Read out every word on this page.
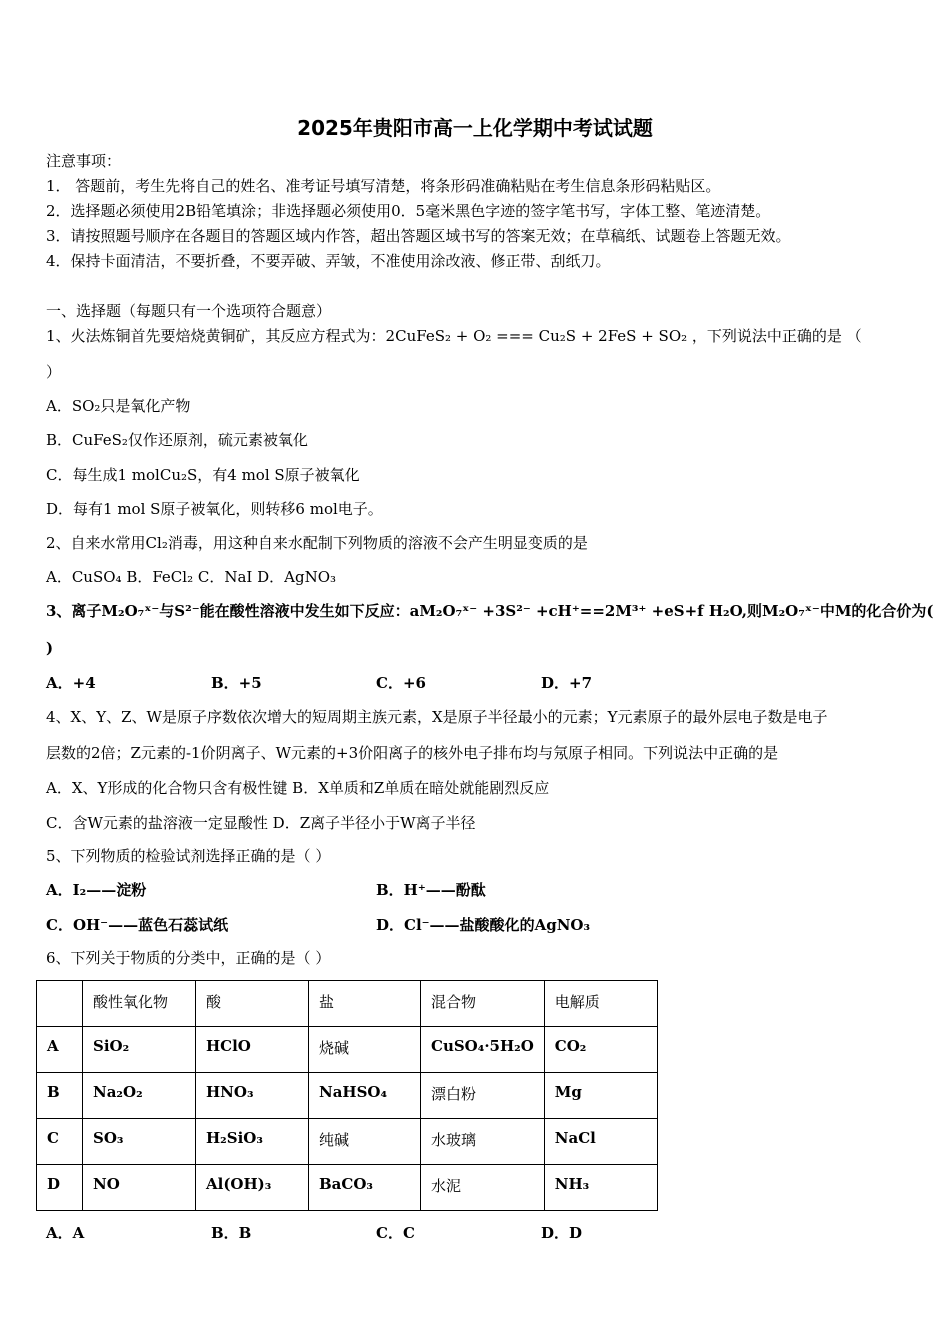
2025年贵阳市高一上化学期中考试试题
注意事项：
1． 答题前，考生先将自己的姓名、准考证号填写清楚，将条形码准确粘贴在考生信息条形码粘贴区。
2．选择题必须使用2B铅笔填涂；非选择题必须使用0．5毫米黑色字迹的签字笔书写，字体工整、笔迹清楚。
3．请按照题号顺序在各题目的答题区域内作答，超出答题区域书写的答案无效；在草稿纸、试题卷上答题无效。
4．保持卡面清洁，不要折叠，不要弄破、弄皱，不准使用涂改液、修正带、刮纸刀。
一、选择题（每题只有一个选项符合题意）
1、火法炼铜首先要焙烧黄铜矿，其反应方程式为：2CuFeS₂ + O₂ === Cu₂S + 2FeS + SO₂ ，下列说法中正确的是 （
）
A．SO₂只是氧化产物
B．CuFeS₂仅作还原剂，硫元素被氧化
C．每生成1 molCu₂S，有4 mol S原子被氧化
D．每有1 mol S原子被氧化，则转移6 mol电子。
2、自来水常用Cl₂消毒，用这种自来水配制下列物质的溶液不会产生明显变质的是
A．CuSO₄ B．FeCl₂ C．NaI D．AgNO₃
3、离子M₂O₇ˣ⁻与S²⁻能在酸性溶液中发生如下反应：aM₂O₇ˣ⁻ +3S²⁻ +cH⁺==2M³⁺ +eS+f H₂O,则M₂O₇ˣ⁻中M的化合价为(
)
A．+4	B．+5	C．+6	D．+7
4、X、Y、Z、W是原子序数依次增大的短周期主族元素，X是原子半径最小的元素；Y元素原子的最外层电子数是电子
层数的2倍；Z元素的-1价阴离子、W元素的+3价阳离子的核外电子排布均与氖原子相同。下列说法中正确的是
A．X、Y形成的化合物只含有极性键 B．X单质和Z单质在暗处就能剧烈反应
C．含W元素的盐溶液一定显酸性 D．Z离子半径小于W离子半径
5、下列物质的检验试剂选择正确的是（ ）
A．I₂——淀粉	B．H⁺——酚酞
C．OH⁻——蓝色石蕊试纸	D．Cl⁻——盐酸酸化的AgNO₃
6、下列关于物质的分类中，正确的是（ ）
	酸性氧化物	酸	盐	混合物	电解质
A	SiO₂	HClO	烧碱	CuSO₄·5H₂O	CO₂
B	Na₂O₂	HNO₃	NaHSO₄	漂白粉	Mg
C	SO₃	H₂SiO₃	纯碱	水玻璃	NaCl
D	NO	Al(OH)₃	BaCO₃	水泥	NH₃
A．A	B．B	C．C	D．D
